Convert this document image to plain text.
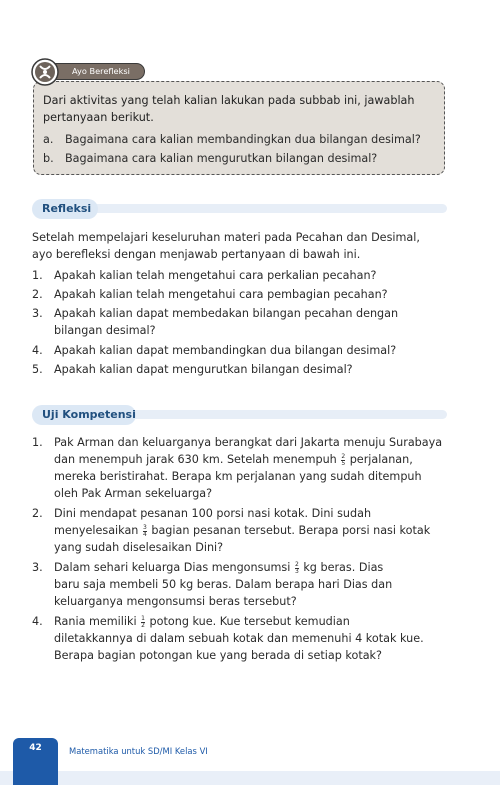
Ayo Berefleksi
Dari aktivitas yang telah kalian lakukan pada subbab ini, jawablah pertanyaan berikut.
a. Bagaimana cara kalian membandingkan dua bilangan desimal?
b. Bagaimana cara kalian mengurutkan bilangan desimal?
Refleksi
Setelah mempelajari keseluruhan materi pada Pecahan dan Desimal, ayo berefleksi dengan menjawab pertanyaan di bawah ini.
1. Apakah kalian telah mengetahui cara perkalian pecahan?
2. Apakah kalian telah mengetahui cara pembagian pecahan?
3. Apakah kalian dapat membedakan bilangan pecahan dengan bilangan desimal?
4. Apakah kalian dapat membandingkan dua bilangan desimal?
5. Apakah kalian dapat mengurutkan bilangan desimal?
Uji Kompetensi
1. Pak Arman dan keluarganya berangkat dari Jakarta menuju Surabaya dan menempuh jarak 630 km. Setelah menempuh $\frac{2}{5}$ perjalanan, mereka beristirahat. Berapa km perjalanan yang sudah ditempuh oleh Pak Arman sekeluarga?
2. Dini mendapat pesanan 100 porsi nasi kotak. Dini sudah menyelesaikan $\frac{3}{4}$ bagian pesanan tersebut. Berapa porsi nasi kotak yang sudah diselesaikan Dini?
3. Dalam sehari keluarga Dias mengonsumsi $\frac{2}{3}$ kg beras. Dias baru saja membeli 50 kg beras. Dalam berapa hari Dias dan keluarganya mengonsumsi beras tersebut?
4. Rania memiliki $\frac{1}{2}$ potong kue. Kue tersebut kemudian diletakkannya di dalam sebuah kotak dan memenuhi 4 kotak kue. Berapa bagian potongan kue yang berada di setiap kotak?
42	Matematika untuk SD/MI Kelas VI
